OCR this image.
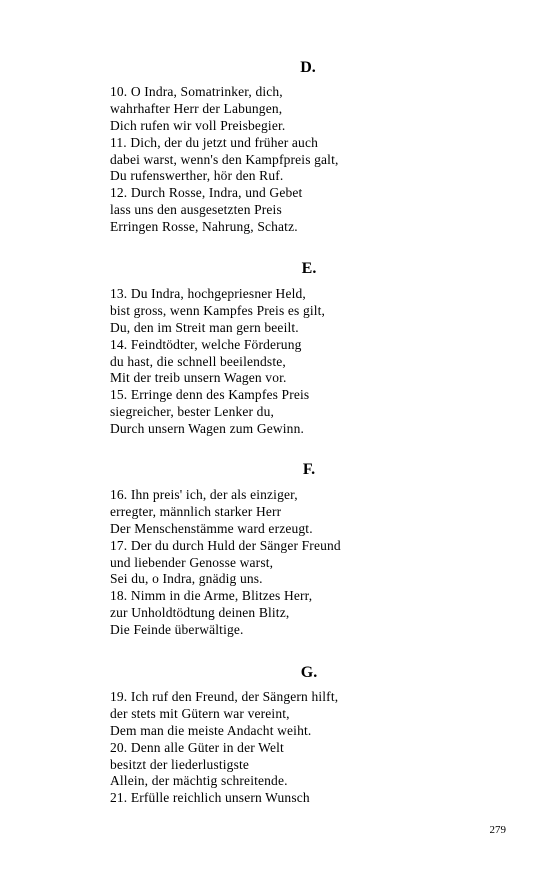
D.
10. O Indra, Somatrinker, dich,
wahrhafter Herr der Labungen,
Dich rufen wir voll Preisbegier.
11. Dich, der du jetzt und früher auch
dabei warst, wenn's den Kampfpreis galt,
Du rufenswerther, hör den Ruf.
12. Durch Rosse, Indra, und Gebet
lass uns den ausgesetzten Preis
Erringen Rosse, Nahrung, Schatz.
E.
13. Du Indra, hochgepriesner Held,
bist gross, wenn Kampfes Preis es gilt,
Du, den im Streit man gern beeilt.
14. Feindtödter, welche Förderung
du hast, die schnell beeilendste,
Mit der treib unsern Wagen vor.
15. Erringe denn des Kampfes Preis
siegreicher, bester Lenker du,
Durch unsern Wagen zum Gewinn.
F.
16. Ihn preis' ich, der als einziger,
erregter, männlich starker Herr
Der Menschenstämme ward erzeugt.
17. Der du durch Huld der Sänger Freund
und liebender Genosse warst,
Sei du, o Indra, gnädig uns.
18. Nimm in die Arme, Blitzes Herr,
zur Unholdtödtung deinen Blitz,
Die Feinde überwältige.
G.
19. Ich ruf den Freund, der Sängern hilft,
der stets mit Gütern war vereint,
Dem man die meiste Andacht weiht.
20. Denn alle Güter in der Welt
besitzt der liederlustigste
Allein, der mächtig schreitende.
21. Erfülle reichlich unsern Wunsch
279
